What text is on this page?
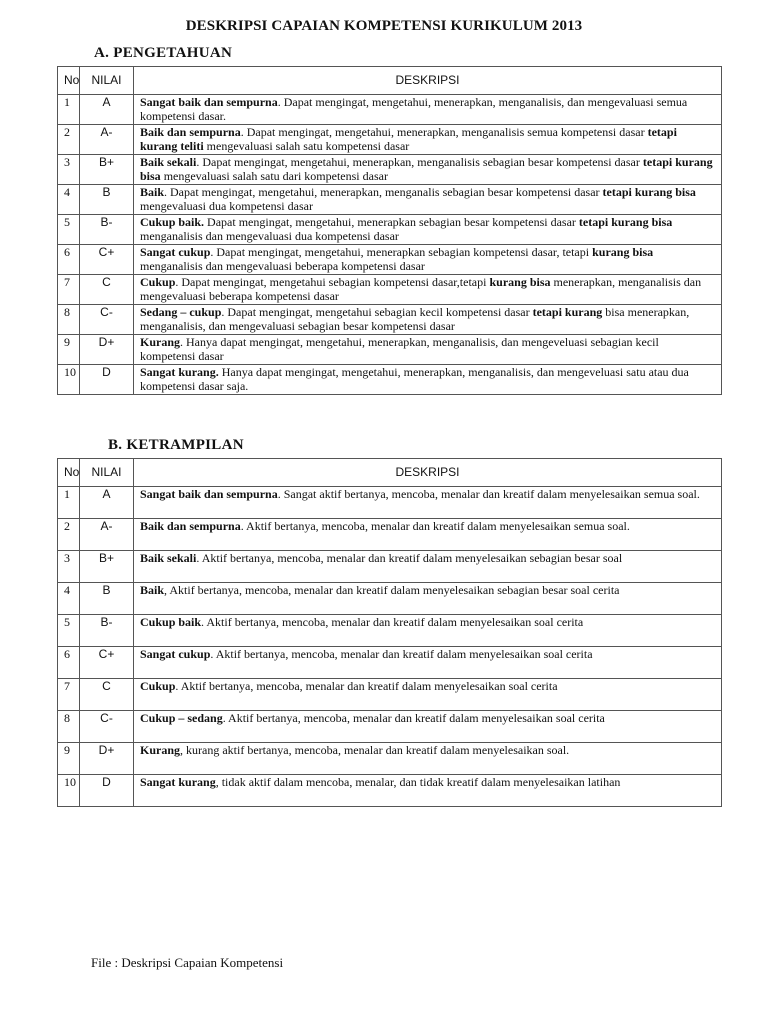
DESKRIPSI CAPAIAN KOMPETENSI KURIKULUM 2013
A. PENGETAHUAN
No	NILAI	DESKRIPSI
1	A	Sangat baik dan sempurna. Dapat mengingat, mengetahui, menerapkan, menganalisis, dan mengevaluasi semua kompetensi dasar.
2	A-	Baik dan sempurna. Dapat mengingat, mengetahui, menerapkan, menganalisis semua kompetensi dasar tetapi kurang teliti mengevaluasi salah satu kompetensi dasar
3	B+	Baik sekali. Dapat mengingat, mengetahui, menerapkan, menganalisis sebagian besar kompetensi dasar tetapi kurang bisa mengevaluasi salah satu dari kompetensi dasar
4	B	Baik. Dapat mengingat, mengetahui, menerapkan, menganalis sebagian besar kompetensi dasar tetapi kurang bisa mengevaluasi dua kompetensi dasar
5	B-	Cukup baik. Dapat mengingat, mengetahui, menerapkan sebagian besar kompetensi dasar tetapi kurang bisa menganalisis dan mengevaluasi dua kompetensi dasar
6	C+	Sangat cukup. Dapat mengingat, mengetahui, menerapkan sebagian kompetensi dasar, tetapi kurang bisa menganalisis dan mengevaluasi beberapa kompetensi dasar
7	C	Cukup. Dapat mengingat, mengetahui sebagian kompetensi dasar,tetapi kurang bisa menerapkan, menganalisis dan mengevaluasi beberapa kompetensi dasar
8	C-	Sedang – cukup. Dapat mengingat, mengetahui sebagian kecil kompetensi dasar tetapi kurang bisa menerapkan, menganalisis, dan mengevaluasi sebagian besar kompetensi dasar
9	D+	Kurang. Hanya dapat mengingat, mengetahui, menerapkan, menganalisis, dan mengeveluasi sebagian kecil kompetensi dasar
10	D	Sangat kurang. Hanya dapat mengingat, mengetahui, menerapkan, menganalisis, dan mengeveluasi satu atau dua kompetensi dasar saja.
B. KETRAMPILAN
No	NILAI	DESKRIPSI
1	A	Sangat baik dan sempurna. Sangat aktif bertanya, mencoba, menalar dan kreatif dalam menyelesaikan semua soal.
2	A-	Baik dan sempurna. Aktif bertanya, mencoba, menalar dan kreatif dalam menyelesaikan semua soal.
3	B+	Baik sekali. Aktif bertanya, mencoba, menalar dan kreatif dalam menyelesaikan sebagian besar soal
4	B	Baik, Aktif bertanya, mencoba, menalar dan kreatif dalam menyelesaikan sebagian besar soal cerita
5	B-	Cukup baik. Aktif bertanya, mencoba, menalar dan kreatif dalam menyelesaikan soal cerita
6	C+	Sangat cukup. Aktif bertanya, mencoba, menalar dan kreatif dalam menyelesaikan soal cerita
7	C	Cukup. Aktif bertanya, mencoba, menalar dan kreatif dalam menyelesaikan soal cerita
8	C-	Cukup – sedang. Aktif bertanya, mencoba, menalar dan kreatif dalam menyelesaikan soal cerita
9	D+	Kurang, kurang aktif bertanya, mencoba, menalar dan kreatif dalam menyelesaikan soal.
10	D	Sangat kurang, tidak aktif dalam mencoba, menalar, dan tidak kreatif dalam menyelesaikan latihan
File : Deskripsi Capaian Kompetensi
